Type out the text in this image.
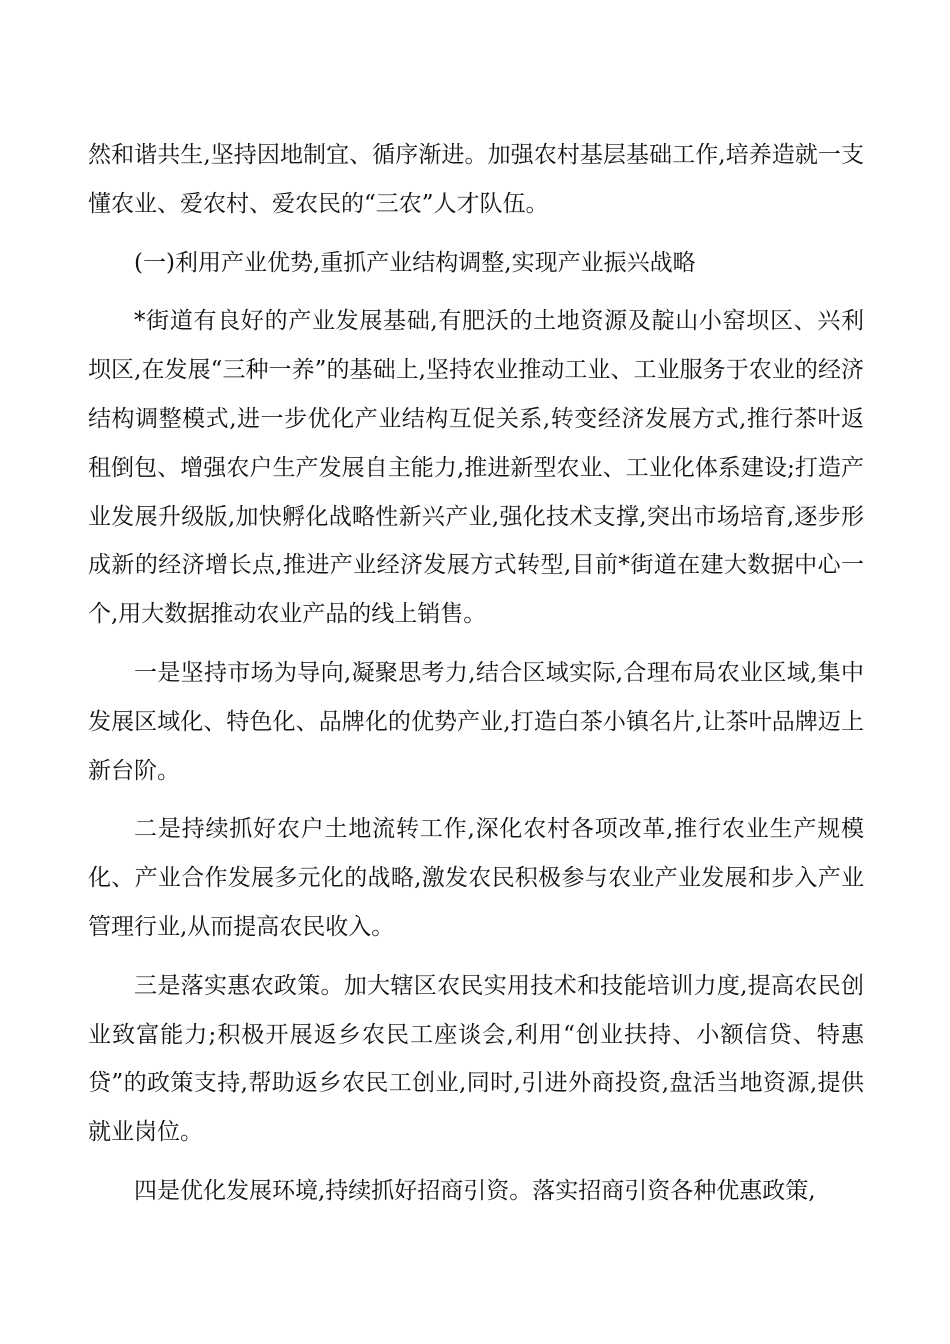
然和谐共生,坚持因地制宜、循序渐进。加强农村基层基础工作,培养造就一支懂农业、爱农村、爱农民的“三农”人才队伍。

(一)利用产业优势,重抓产业结构调整,实现产业振兴战略

*街道有良好的产业发展基础,有肥沃的土地资源及靛山小窑坝区、兴利坝区,在发展“三种一养”的基础上,坚持农业推动工业、工业服务于农业的经济结构调整模式,进一步优化产业结构互促关系,转变经济发展方式,推行茶叶返租倒包、增强农户生产发展自主能力,推进新型农业、工业化体系建设;打造产业发展升级版,加快孵化战略性新兴产业,强化技术支撑,突出市场培育,逐步形成新的经济增长点,推进产业经济发展方式转型,目前*街道在建大数据中心一个,用大数据推动农业产品的线上销售。

一是坚持市场为导向,凝聚思考力,结合区域实际,合理布局农业区域,集中发展区域化、特色化、品牌化的优势产业,打造白茶小镇名片,让茶叶品牌迈上新台阶。

二是持续抓好农户土地流转工作,深化农村各项改革,推行农业生产规模化、产业合作发展多元化的战略,激发农民积极参与农业产业发展和步入产业管理行业,从而提高农民收入。

三是落实惠农政策。加大辖区农民实用技术和技能培训力度,提高农民创业致富能力;积极开展返乡农民工座谈会,利用“创业扶持、小额信贷、特惠贷”的政策支持,帮助返乡农民工创业,同时,引进外商投资,盘活当地资源,提供就业岗位。

四是优化发展环境,持续抓好招商引资。落实招商引资各种优惠政策,
